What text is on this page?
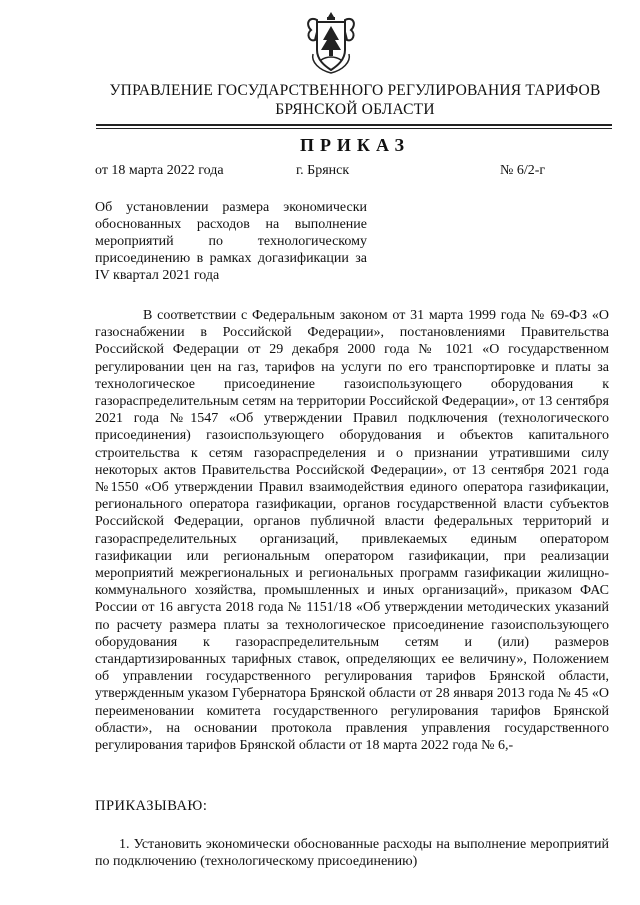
УПРАВЛЕНИЕ ГОСУДАРСТВЕННОГО РЕГУЛИРОВАНИЯ ТАРИФОВ
БРЯНСКОЙ ОБЛАСТИ
ПРИКАЗ
от 18 марта 2022 года	г. Брянск	№ 6/2-г
Об установлении размера экономически обоснованных расходов на выполнение мероприятий по технологическому присоединению в рамках догазификации за IV квартал 2021 года
В соответствии с Федеральным законом от 31 марта 1999 года № 69-ФЗ «О газоснабжении в Российской Федерации», постановлениями Правительства Российской Федерации от 29 декабря 2000 года № 1021 «О государственном регулировании цен на газ, тарифов на услуги по его транспортировке и платы за технологическое присоединение газоиспользующего оборудования к газораспределительным сетям на территории Российской Федерации», от 13 сентября 2021 года №1547 «Об утверждении Правил подключения (технологического присоединения) газоиспользующего оборудования и объектов капитального строительства к сетям газораспределения и о признании утратившими силу некоторых актов Правительства Российской Федерации», от 13 сентября 2021 года №1550 «Об утверждении Правил взаимодействия единого оператора газификации, регионального оператора газификации, органов государственной власти субъектов Российской Федерации, органов публичной власти федеральных территорий и газораспределительных организаций, привлекаемых единым оператором газификации или региональным оператором газификации, при реализации мероприятий межрегиональных и региональных программ газификации жилищно-коммунального хозяйства, промышленных и иных организаций», приказом ФАС России от 16 августа 2018 года № 1151/18 «Об утверждении методических указаний по расчету размера платы за технологическое присоединение газоиспользующего оборудования к газораспределительным сетям и (или) размеров стандартизированных тарифных ставок, определяющих ее величину», Положением об управлении государственного регулирования тарифов Брянской области, утвержденным указом Губернатора Брянской области от 28 января 2013 года № 45 «О переименовании комитета государственного регулирования тарифов Брянской области», на основании протокола правления управления государственного регулирования тарифов Брянской области от 18 марта 2022 года № 6,-
ПРИКАЗЫВАЮ:
1. Установить экономически обоснованные расходы на выполнение мероприятий по подключению (технологическому присоединению)
